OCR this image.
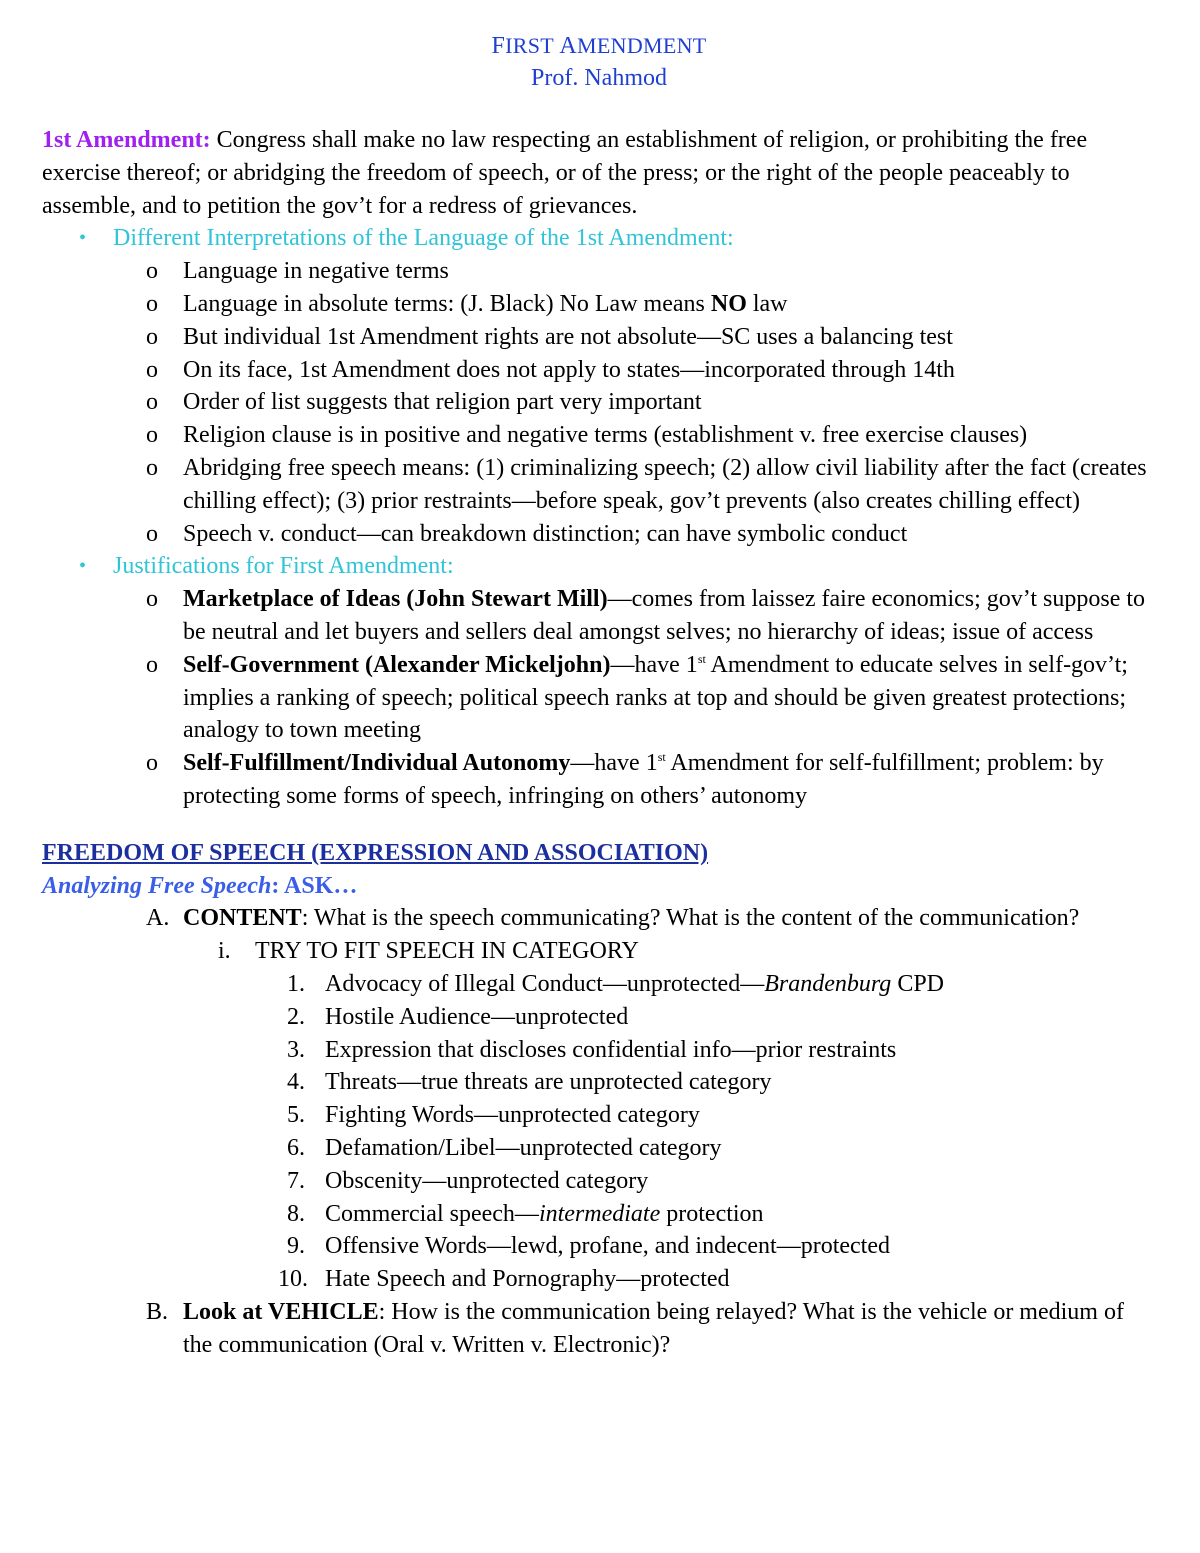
FIRST AMENDMENT
Prof. Nahmod
1st Amendment: Congress shall make no law respecting an establishment of religion, or prohibiting the free exercise thereof; or abridging the freedom of speech, or of the press; or the right of the people peaceably to assemble, and to petition the gov’t for a redress of grievances.
• Different Interpretations of the Language of the 1st Amendment:
o Language in negative terms
o Language in absolute terms: (J. Black) No Law means NO law
o But individual 1st Amendment rights are not absolute—SC uses a balancing test
o On its face, 1st Amendment does not apply to states—incorporated through 14th
o Order of list suggests that religion part very important
o Religion clause is in positive and negative terms (establishment v. free exercise clauses)
o Abridging free speech means: (1) criminalizing speech; (2) allow civil liability after the fact (creates chilling effect); (3) prior restraints—before speak, gov’t prevents (also creates chilling effect)
o Speech v. conduct—can breakdown distinction; can have symbolic conduct
• Justifications for First Amendment:
o Marketplace of Ideas (John Stewart Mill)—comes from laissez faire economics; gov’t suppose to be neutral and let buyers and sellers deal amongst selves; no hierarchy of ideas; issue of access
o Self-Government (Alexander Mickeljohn)—have 1st Amendment to educate selves in self-gov’t; implies a ranking of speech; political speech ranks at top and should be given greatest protections; analogy to town meeting
o Self-Fulfillment/Individual Autonomy—have 1st Amendment for self-fulfillment; problem: by protecting some forms of speech, infringing on others’ autonomy
FREEDOM OF SPEECH (EXPRESSION AND ASSOCIATION)
Analyzing Free Speech: ASK…
A. CONTENT: What is the speech communicating? What is the content of the communication?
i. TRY TO FIT SPEECH IN CATEGORY
1. Advocacy of Illegal Conduct—unprotected—Brandenburg CPD
2. Hostile Audience—unprotected
3. Expression that discloses confidential info—prior restraints
4. Threats—true threats are unprotected category
5. Fighting Words—unprotected category
6. Defamation/Libel—unprotected category
7. Obscenity—unprotected category
8. Commercial speech—intermediate protection
9. Offensive Words—lewd, profane, and indecent—protected
10. Hate Speech and Pornography—protected
B. Look at VEHICLE: How is the communication being relayed? What is the vehicle or medium of the communication (Oral v. Written v. Electronic)?
